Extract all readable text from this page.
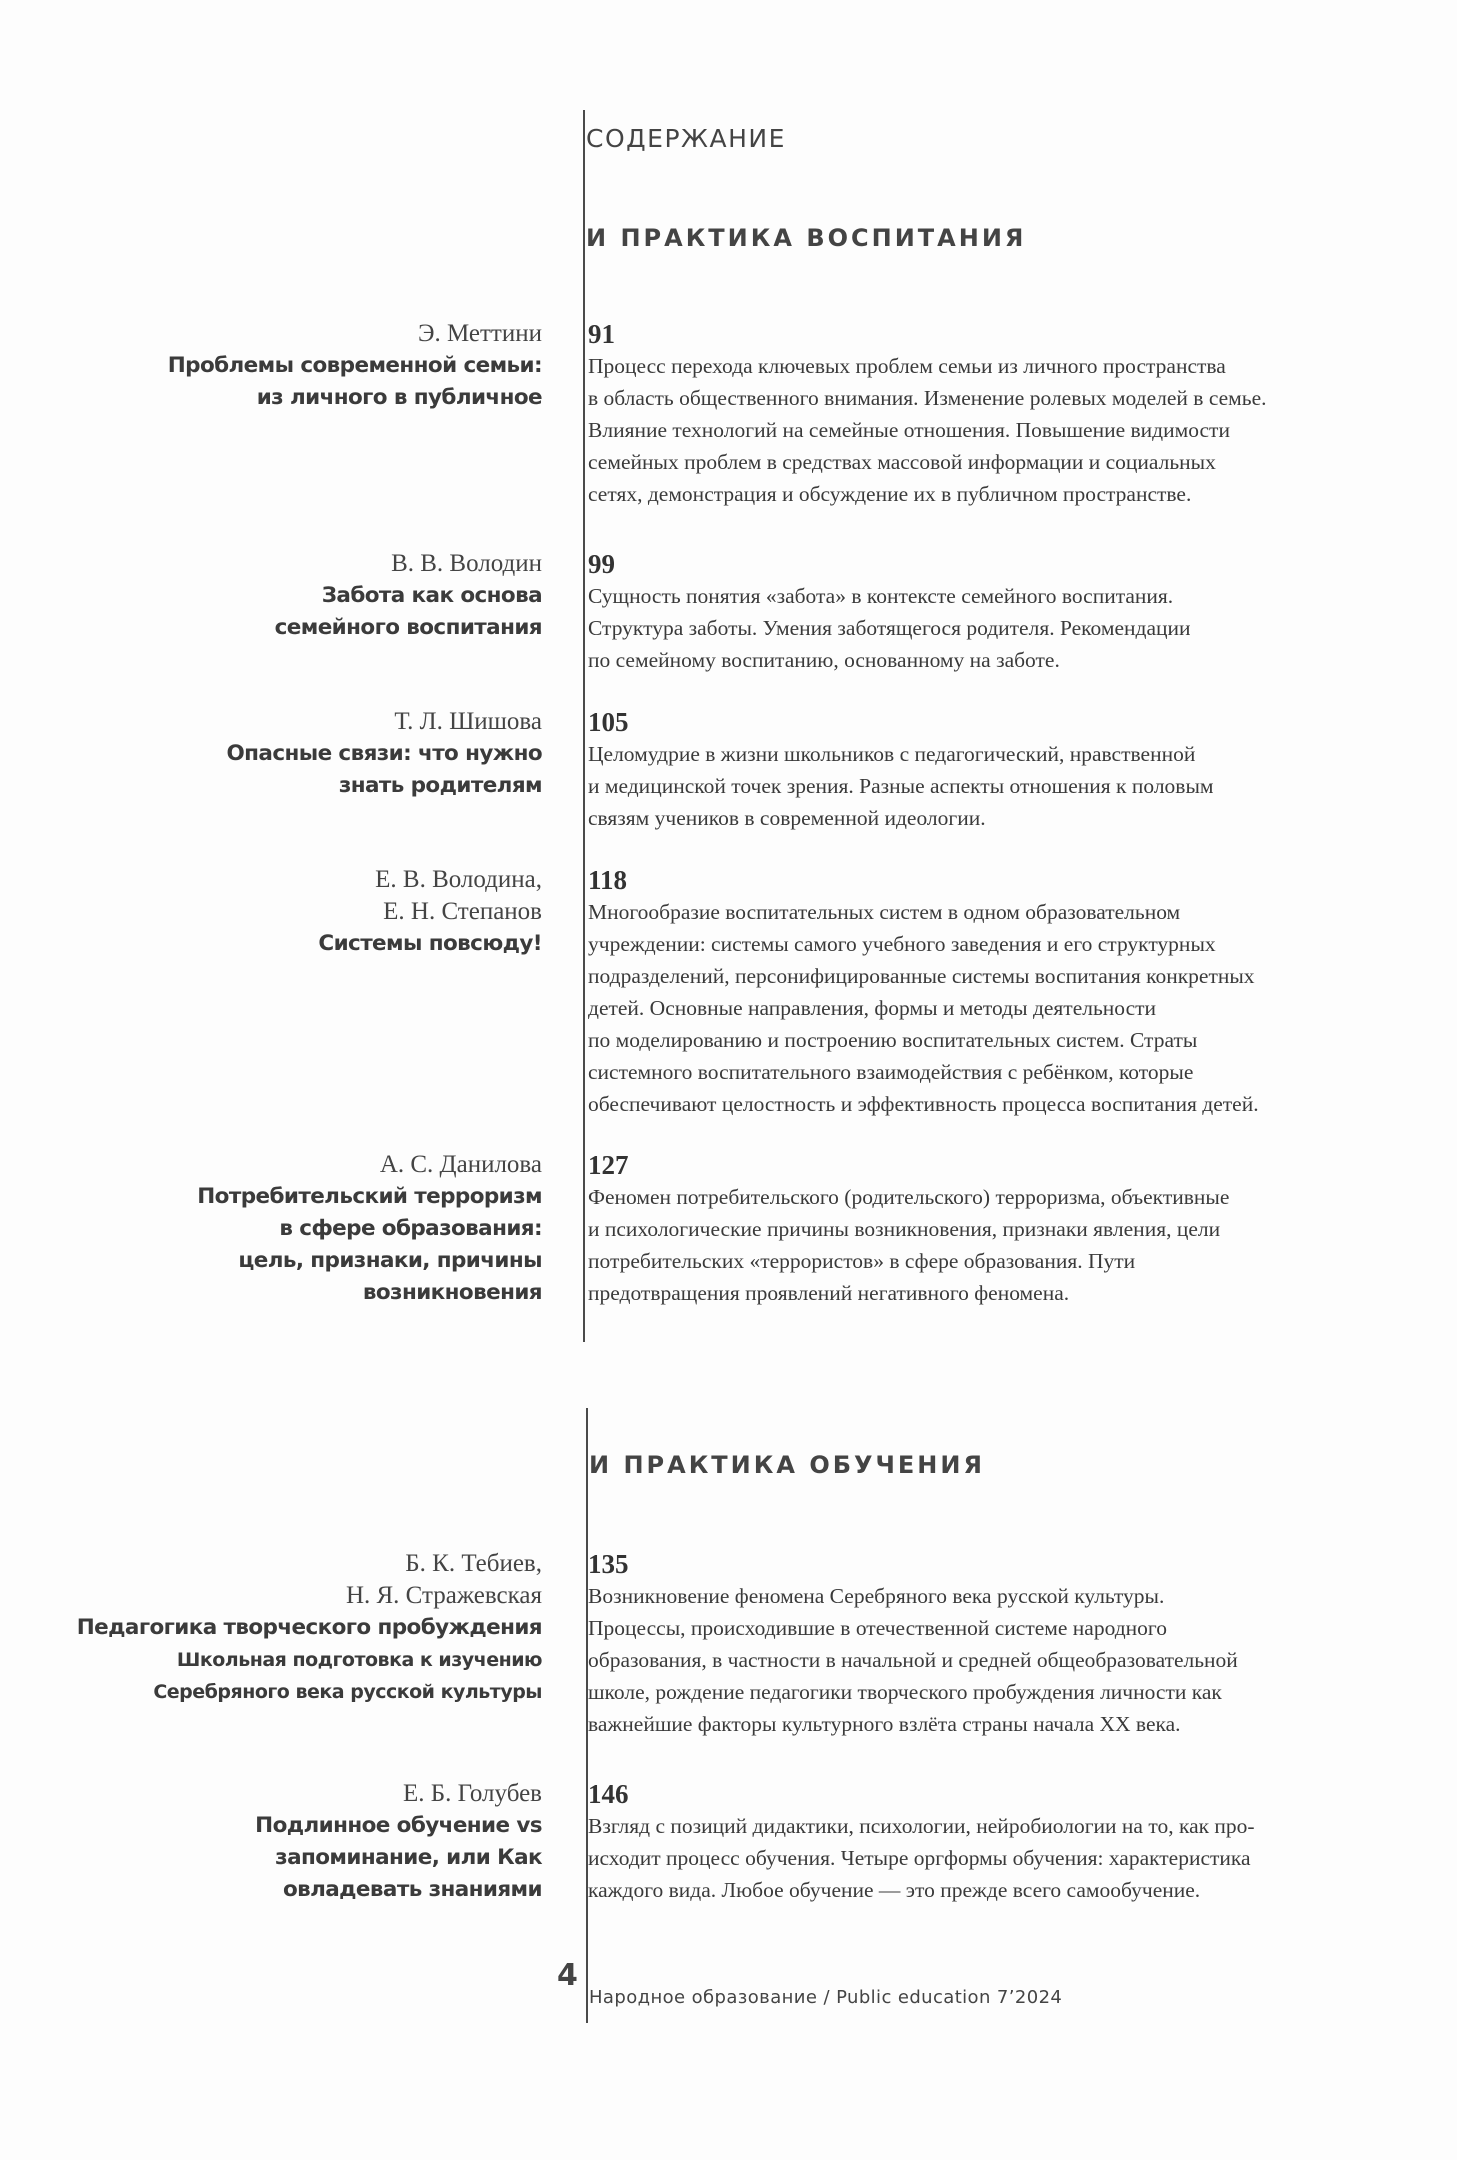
СОДЕРЖАНИЕ
И ПРАКТИКА ВОСПИТАНИЯ
И ПРАКТИКА ОБУЧЕНИЯ
Э. Меттини
Проблемы современной семьи:
из личного в публичное
91
Процесс перехода ключевых проблем семьи из личного пространства
в область общественного внимания. Изменение ролевых моделей в семье.
Влияние технологий на семейные отношения. Повышение видимости
семейных проблем в средствах массовой информации и социальных
сетях, демонстрация и обсуждение их в публичном пространстве.
В. В. Володин
Забота как основа
семейного воспитания
99
Сущность понятия «забота» в контексте семейного воспитания.
Структура заботы. Умения заботящегося родителя. Рекомендации
по семейному воспитанию, основанному на заботе.
Т. Л. Шишова
Опасные связи: что нужно
знать родителям
105
Целомудрие в жизни школьников с педагогический, нравственной
и медицинской точек зрения. Разные аспекты отношения к половым
связям учеников в современной идеологии.
Е. В. Володина,
Е. Н. Степанов
Системы повсюду!
118
Многообразие воспитательных систем в одном образовательном
учреждении: системы самого учебного заведения и его структурных
подразделений, персонифицированные системы воспитания конкретных
детей. Основные направления, формы и методы деятельности
по моделированию и построению воспитательных систем. Страты
системного воспитательного взаимодействия с ребёнком, которые
обеспечивают целостность и эффективность процесса воспитания детей.
А. С. Данилова
Потребительский терроризм
в сфере образования:
цель, признаки, причины
возникновения
127
Феномен потребительского (родительского) терроризма, объективные
и психологические причины возникновения, признаки явления, цели
потребительских «террористов» в сфере образования. Пути
предотвращения проявлений негативного феномена.
Б. К. Тебиев,
Н. Я. Стражевская
Педагогика творческого пробуждения
Школьная подготовка к изучению
Серебряного века русской культуры
135
Возникновение феномена Серебряного века русской культуры.
Процессы, происходившие в отечественной системе народного
образования, в частности в начальной и средней общеобразовательной
школе, рождение педагогики творческого пробуждения личности как
важнейшие факторы культурного взлёта страны начала XX века.
Е. Б. Голубев
Подлинное обучение vs
запоминание, или Как
овладевать знаниями
146
Взгляд с позиций дидактики, психологии, нейробиологии на то, как про-
исходит процесс обучения. Четыре оргформы обучения: характеристика
каждого вида. Любое обучение — это прежде всего самообучение.
4
Народное образование / Public education 7’2024
